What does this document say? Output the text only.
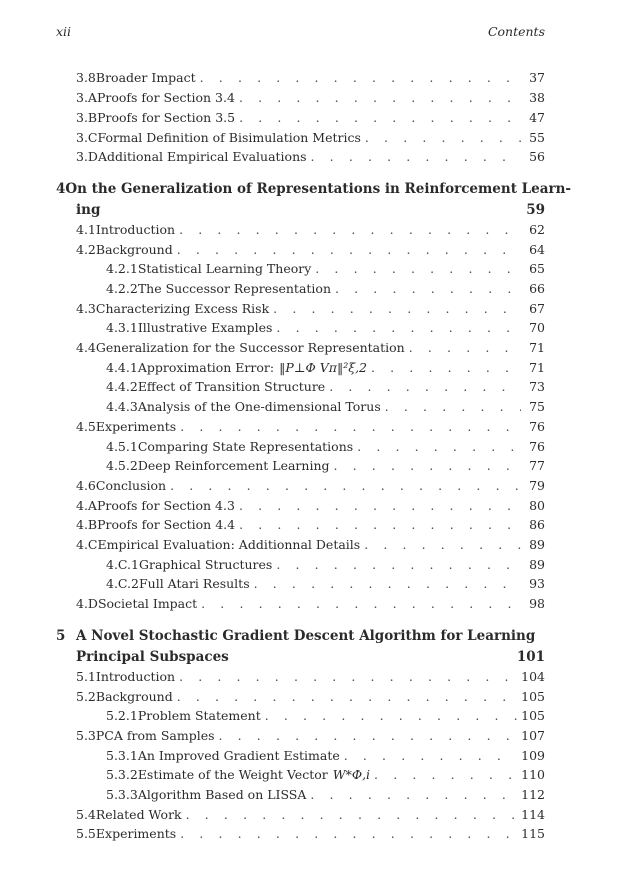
xii	Contents
3.8 Broader Impact . . .	37
3.A Proofs for Section 3.4 . . .	38
3.B Proofs for Section 3.5 . . .	47
3.C Formal Definition of Bisimulation Metrics . . .	55
3.D Additional Empirical Evaluations . . .	56
4 On the Generalization of Representations in Reinforcement Learn-
ing	59
4.1 Introduction . . .	62
4.2 Background . . .	64
4.2.1 Statistical Learning Theory . . .	65
4.2.2 The Successor Representation . . .	66
4.3 Characterizing Excess Risk . . .	67
4.3.1 Illustrative Examples . . .	70
4.4 Generalization for the Successor Representation . . .	71
4.4.1 Approximation Error: ‖P⊥Φ Vπ‖²ξ,2 . . .	71
4.4.2 Effect of Transition Structure . . .	73
4.4.3 Analysis of the One-dimensional Torus . . .	75
4.5 Experiments . . .	76
4.5.1 Comparing State Representations . . .	76
4.5.2 Deep Reinforcement Learning . . .	77
4.6 Conclusion . . .	79
4.A Proofs for Section 4.3 . . .	80
4.B Proofs for Section 4.4 . . .	86
4.C Empirical Evaluation: Additionnal Details . . .	89
4.C.1 Graphical Structures . . .	89
4.C.2 Full Atari Results . . .	93
4.D Societal Impact . . .	98
5 A Novel Stochastic Gradient Descent Algorithm for Learning
Principal Subspaces	101
5.1 Introduction . . .	104
5.2 Background . . .	105
5.2.1 Problem Statement . . .	105
5.3 PCA from Samples . . .	107
5.3.1 An Improved Gradient Estimate . . .	109
5.3.2 Estimate of the Weight Vector W*Φ,i . . .	110
5.3.3 Algorithm Based on LISSA . . .	112
5.4 Related Work . . .	114
5.5 Experiments . . .	115
